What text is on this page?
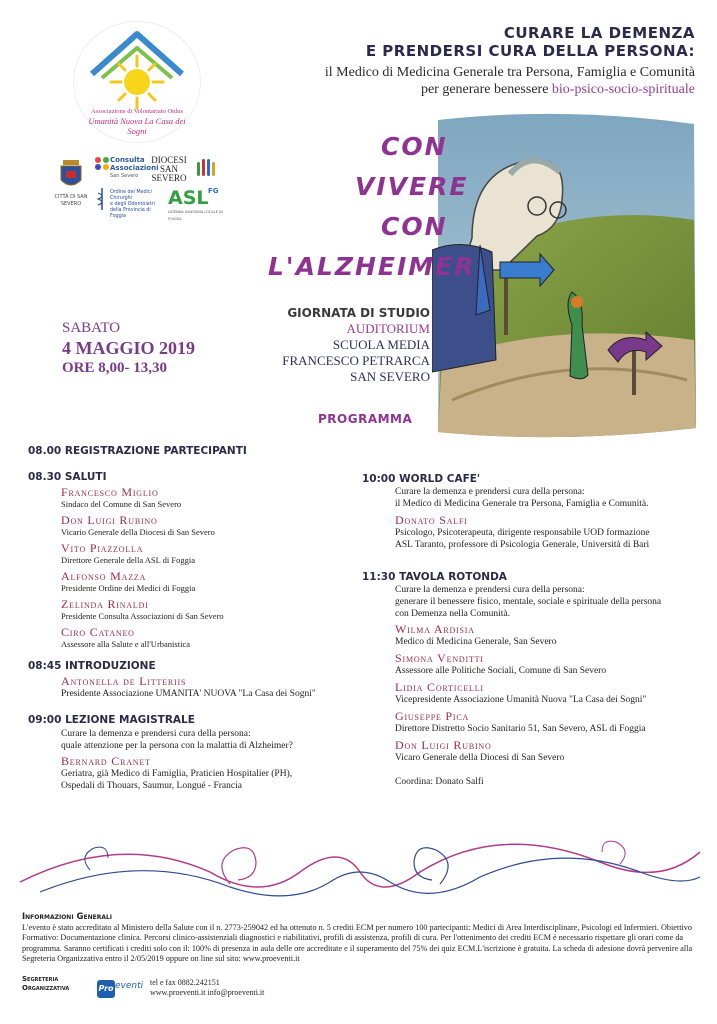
CURARE LA DEMENZA
E PRENDERSI CURA DELLA PERSONA:
il Medico di Medicina Generale tra Persona, Famiglia e Comunità
per generare benessere bio-psico-socio-spirituale
Associazione di Volontariato Onlus
Umanità Nuova La Casa dei Sogni
CITTÀ DI SAN SEVERO
Consulta
Associazioni
San Severo
DIOCESI
SAN
SEVERO
Ordine dei Medici Chirurghi
e degli Odontoiatri
della Provincia di Foggia
ASL FG
AZIENDA SANITARIA LOCALE DI FOGGIA
CON
VIVERE
CON
L'ALZHEIMER
GIORNATA DI STUDIO
AUDITORIUM
SCUOLA MEDIA
FRANCESCO PETRARCA
SAN SEVERO
SABATO
4 MAGGIO 2019
ORE 8,00- 13,30
PROGRAMMA
08.00 REGISTRAZIONE PARTECIPANTI
08.30 SALUTI
Francesco Miglio
Sindaco del Comune di San Severo
Don Luigi Rubino
Vicario Generale della Diocesi di San Severo
Vito Piazzolla
Direttore Generale della ASL di Foggia
Alfonso Mazza
Presidente Ordine dei Medici di Foggia
Zelinda Rinaldi
Presidente Consulta Associazioni di San Severo
Ciro Cataneo
Assessore alla Salute e all'Urbanistica
08:45 INTRODUZIONE
Antonella de Litteriis
Presidente Associazione UMANITA' NUOVA "La Casa dei Sogni"
09:00 LEZIONE MAGISTRALE
Curare la demenza e prendersi cura della persona:
quale attenzione per la persona con la malattia di Alzheimer?
Bernard Cranet
Geriatra, già Medico di Famiglia, Praticien Hospitalier (PH),
Ospedali di Thouars, Saumur, Longué - Francia
10:00 WORLD CAFE'
Curare la demenza e prendersi cura della persona:
il Medico di Medicina Generale tra Persona, Famiglia e Comunità.
Donato Salfi
Psicologo, Psicoterapeuta, dirigente responsabile UOD formazione
ASL Taranto, professore di Psicologia Generale, Università di Bari
11:30 TAVOLA ROTONDA
Curare la demenza e prendersi cura della persona:
generare il benessere fisico, mentale, sociale e spirituale della persona
con Demenza nella Comunità.
Wilma Ardisia
Medico di Medicina Generale, San Severo
Simona Venditti
Assessore alle Politiche Sociali, Comune di San Severo
Lidia Corticelli
Vicepresidente Associazione Umanità Nuova "La Casa dei Sogni"
Giuseppe Pica
Direttore Distretto Socio Sanitario 51, San Severo, ASL di Foggia
Don Luigi Rubino
Vicaro Generale della Diocesi di San Severo
Coordina: Donato Salfi
Informazioni Generali
L'evento è stato accreditato al Ministero della Salute con il n. 2773-259042 ed ha ottenuto n. 5 crediti ECM per numero 100 partecipanti: Medici di Area Interdisciplinare, Psicologi ed Infermieri. Obiettivo Formativo: Documentazione clinica. Percorsi clinico-assistenziali diagnostici e riabilitativi, profili di assistenza, profili di cura. Per l'ottenimento dei crediti ECM è necessario rispettare gli orari come da programma. Saranno certificati i crediti solo con il: 100% di presenza in aula delle ore accreditate e il superamento del 75% dei quiz ECM.L'iscrizione è gratuita. La scheda di adesione dovrà pervenire alla Segreteria Organizzativa entro il 2/05/2019 oppure on line sul sito: www.proeventi.it
Segreteria
Organizzativa	Pro eventi tel e fax 0882.242151
www.proeventi.it info@proeventi.it
